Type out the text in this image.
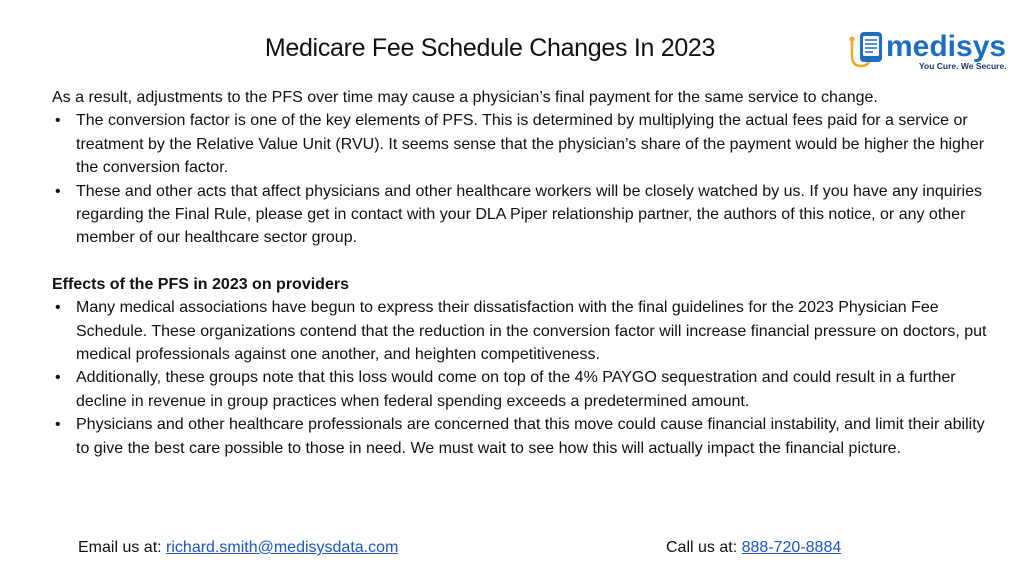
Medicare Fee Schedule Changes In 2023	medisys
You Cure. We Secure.

As a result, adjustments to the PFS over time may cause a physician’s final payment for the same service to change.

• The conversion factor is one of the key elements of PFS. This is determined by multiplying the actual fees paid for a service or treatment by the Relative Value Unit (RVU). It seems sense that the physician’s share of the payment would be higher the higher the conversion factor.
• These and other acts that affect physicians and other healthcare workers will be closely watched by us. If you have any inquiries regarding the Final Rule, please get in contact with your DLA Piper relationship partner, the authors of this notice, or any other member of our healthcare sector group.

Effects of the PFS in 2023 on providers

• Many medical associations have begun to express their dissatisfaction with the final guidelines for the 2023 Physician Fee Schedule. These organizations contend that the reduction in the conversion factor will increase financial pressure on doctors, put medical professionals against one another, and heighten competitiveness.
• Additionally, these groups note that this loss would come on top of the 4% PAYGO sequestration and could result in a further decline in revenue in group practices when federal spending exceeds a predetermined amount.
• Physicians and other healthcare professionals are concerned that this move could cause financial instability, and limit their ability to give the best care possible to those in need. We must wait to see how this will actually impact the financial picture.
Email us at: richard.smith@medisysdata.com	Call us at: 888-720-8884
